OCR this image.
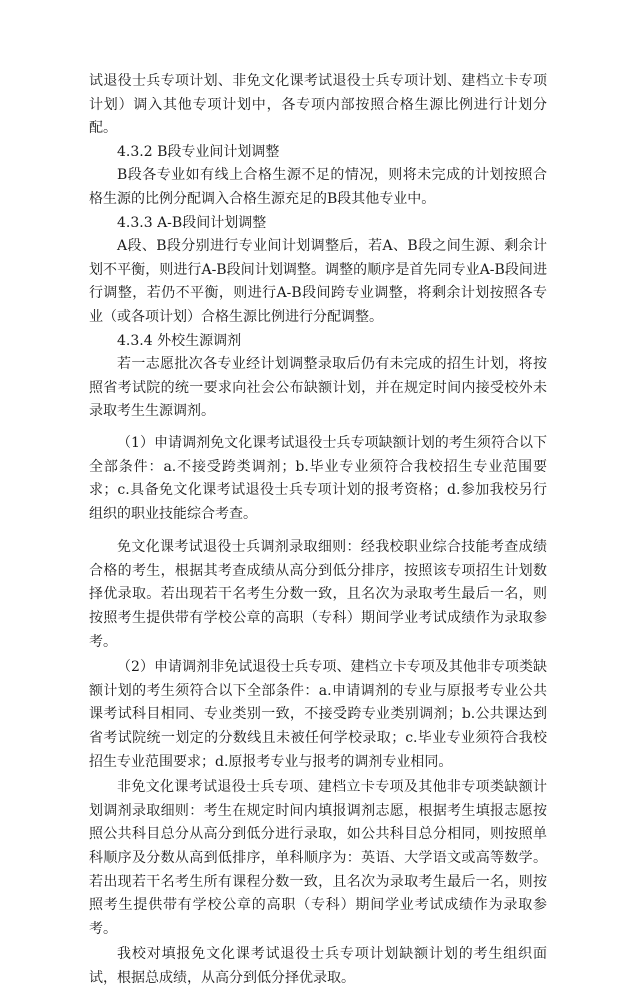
试退役士兵专项计划、非免文化课考试退役士兵专项计划、建档立卡专项计划）调入其他专项计划中，各专项内部按照合格生源比例进行计划分配。

4.3.2 B段专业间计划调整

B段各专业如有线上合格生源不足的情况，则将未完成的计划按照合格生源的比例分配调入合格生源充足的B段其他专业中。

4.3.3 A-B段间计划调整

A段、B段分别进行专业间计划调整后，若A、B段之间生源、剩余计划不平衡，则进行A-B段间计划调整。调整的顺序是首先同专业A-B段间进行调整，若仍不平衡，则进行A-B段间跨专业调整，将剩余计划按照各专业（或各项计划）合格生源比例进行分配调整。

4.3.4 外校生源调剂

若一志愿批次各专业经计划调整录取后仍有未完成的招生计划，将按照省考试院的统一要求向社会公布缺额计划，并在规定时间内接受校外未录取考生生源调剂。

（1）申请调剂免文化课考试退役士兵专项缺额计划的考生须符合以下全部条件：a.不接受跨类调剂；b.毕业专业须符合我校招生专业范围要求；c.具备免文化课考试退役士兵专项计划的报考资格；d.参加我校另行组织的职业技能综合考查。

免文化课考试退役士兵调剂录取细则：经我校职业综合技能考查成绩合格的考生，根据其考查成绩从高分到低分排序，按照该专项招生计划数择优录取。若出现若干名考生分数一致，且名次为录取考生最后一名，则按照考生提供带有学校公章的高职（专科）期间学业考试成绩作为录取参考。

（2）申请调剂非免试退役士兵专项、建档立卡专项及其他非专项类缺额计划的考生须符合以下全部条件：a.申请调剂的专业与原报考专业公共课考试科目相同、专业类别一致，不接受跨专业类别调剂；b.公共课达到省考试院统一划定的分数线且未被任何学校录取；c.毕业专业须符合我校招生专业范围要求；d.原报考专业与报考的调剂专业相同。

非免文化课考试退役士兵专项、建档立卡专项及其他非专项类缺额计划调剂录取细则：考生在规定时间内填报调剂志愿，根据考生填报志愿按照公共科目总分从高分到低分进行录取，如公共科目总分相同，则按照单科顺序及分数从高到低排序，单科顺序为：英语、大学语文或高等数学。若出现若干名考生所有课程分数一致，且名次为录取考生最后一名，则按照考生提供带有学校公章的高职（专科）期间学业考试成绩作为录取参考。

我校对填报免文化课考试退役士兵专项计划缺额计划的考生组织面试，根据总成绩，从高分到低分择优录取。
